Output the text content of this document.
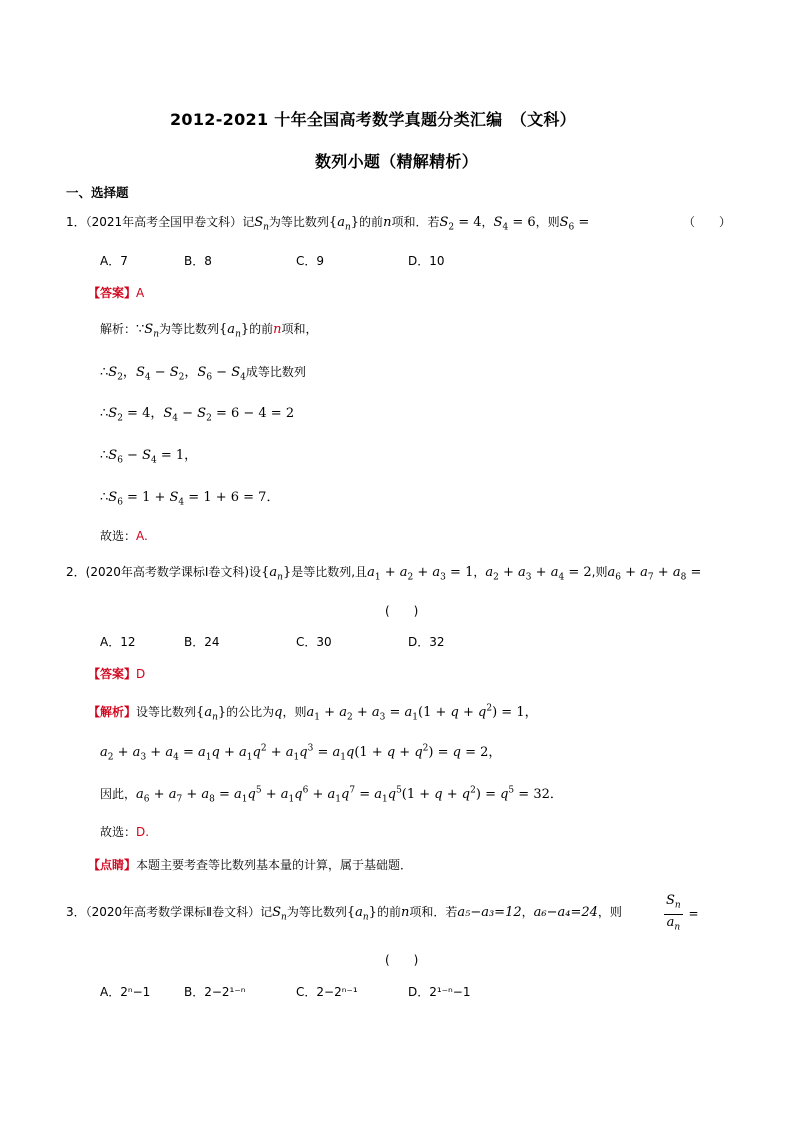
2012-2021 十年全国高考数学真题分类汇编　（文科）
数列小题（精解精析）
一、选择题
1．（2021年高考全国甲卷文科）记$S_n$为等比数列$\{a_n\}$的前n项和．若$S_2 = 4$，$S_4 = 6$，则$S_6$ =	（　　）
A．7	B．8	C．9	D．10
【答案】A
解析：$\because S_n$为等比数列$\{a_n\}$的前n项和，
$\therefore S_2$，$S_4 - S_2$，$S_6 - S_4$成等比数列
$\therefore S_2 = 4$，$S_4 - S_2 = 6 - 4 = 2$
$\therefore S_6 - S_4 = 1$，
$\therefore S_6 = 1 + S_4 = 1 + 6 = 7$．
故选：A.
2．(2020年高考数学课标Ⅰ卷文科)设$\{a_n\}$是等比数列,且$a_1 + a_2 + a_3 = 1$，$a_2 + a_3 + a_4 = 2$,则$a_6 + a_7 + a_8$ =
(　　)
A．12	B．24	C．30	D．32
【答案】D
【解析】设等比数列$\{a_n\}$的公比为q，则$a_1 + a_2 + a_3 = a_1(1 + q + q^2) = 1$，
$a_2 + a_3 + a_4 = a_1q + a_1q^2 + a_1q^3 = a_1q(1 + q + q^2) = q = 2$，
因此，$a_6 + a_7 + a_8 = a_1q^5 + a_1q^6 + a_1q^7 = a_1q^5(1 + q + q^2) = q^5 = 32$．
故选：D.
【点睛】本题主要考查等比数列基本量的计算，属于基础题．
3．（2020年高考数学课标Ⅱ卷文科）记$S_n$为等比数列$\{a_n\}$的前n项和．若a₅−a₃=12，a₆−a₄=24，则	$\frac{S_n}{a_n}$ =
(　　)
A．2ⁿ−1	B．2−2¹⁻ⁿ	C．2−2ⁿ⁻¹	D．2¹⁻ⁿ−1
